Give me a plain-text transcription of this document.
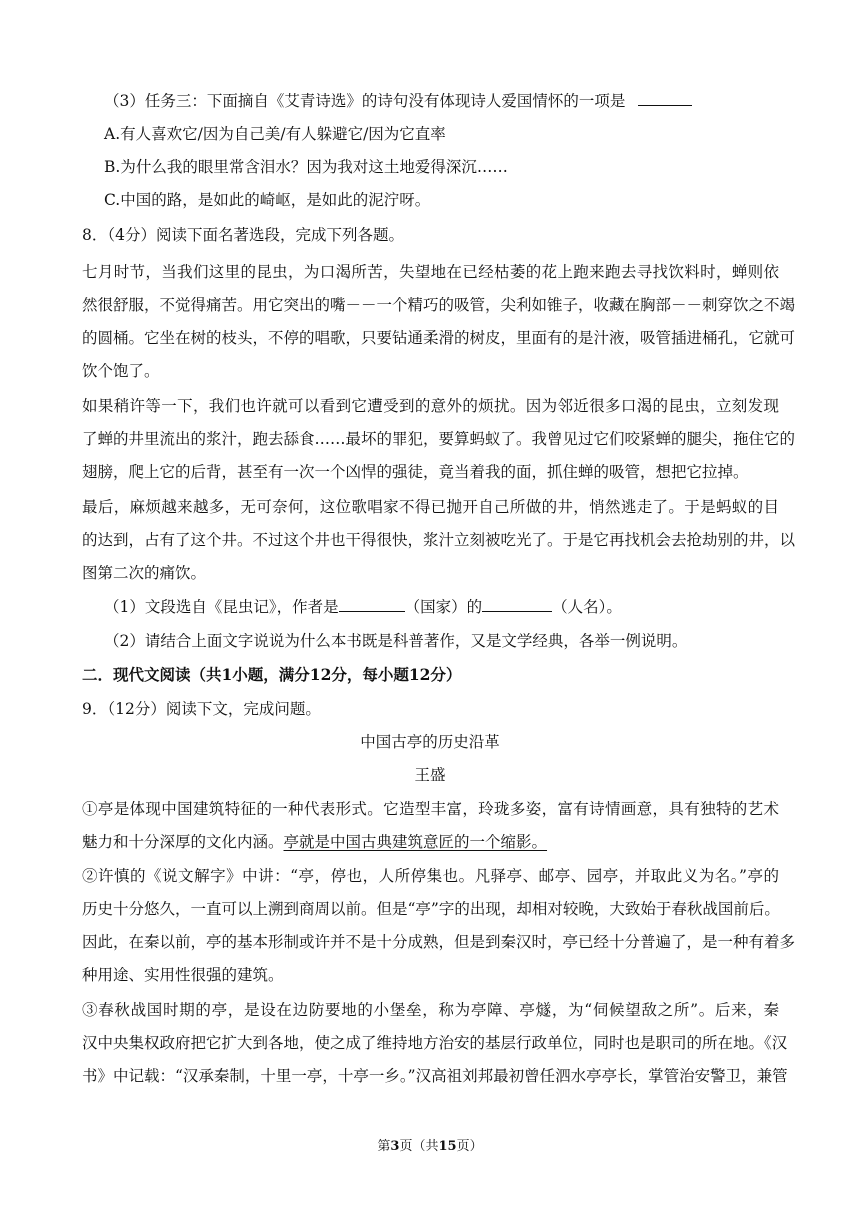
（3）任务三：下面摘自《艾青诗选》的诗句没有体现诗人爱国情怀的一项是
A.有人喜欢它/因为自己美/有人躲避它/因为它直率
B.为什么我的眼里常含泪水？因为我对这土地爱得深沉……
C.中国的路，是如此的崎岖，是如此的泥泞呀。
8．（4分）阅读下面名著选段，完成下列各题。
七月时节，当我们这里的昆虫，为口渴所苦，失望地在已经枯萎的花上跑来跑去寻找饮料时，蝉则依
然很舒服，不觉得痛苦。用它突出的嘴－－一个精巧的吸管，尖利如锥子，收藏在胸部－－刺穿饮之不竭
的圆桶。它坐在树的枝头，不停的唱歌，只要钻通柔滑的树皮，里面有的是汁液，吸管插进桶孔，它就可
饮个饱了。
如果稍许等一下，我们也许就可以看到它遭受到的意外的烦扰。因为邻近很多口渴的昆虫，立刻发现
了蝉的井里流出的浆汁，跑去舔食……最坏的罪犯，要算蚂蚁了。我曾见过它们咬紧蝉的腿尖，拖住它的
翅膀，爬上它的后背，甚至有一次一个凶悍的强徒，竟当着我的面，抓住蝉的吸管，想把它拉掉。
最后，麻烦越来越多，无可奈何，这位歌唱家不得已抛开自己所做的井，悄然逃走了。于是蚂蚁的目
的达到，占有了这个井。不过这个井也干得很快，浆汁立刻被吃光了。于是它再找机会去抢劫别的井，以
图第二次的痛饮。
（1）文段选自《昆虫记》，作者是	（国家）的	（人名）。
（2）请结合上面文字说说为什么本书既是科普著作，又是文学经典，各举一例说明。
二．现代文阅读（共1小题，满分12分，每小题12分）
9．（12分）阅读下文，完成问题。
中国古亭的历史沿革
王盛
①亭是体现中国建筑特征的一种代表形式。它造型丰富，玲珑多姿，富有诗情画意，具有独特的艺术
魅力和十分深厚的文化内涵。亭就是中国古典建筑意匠的一个缩影。
②许慎的《说文解字》中讲：“亭，停也，人所停集也。凡驿亭、邮亭、园亭，并取此义为名。”亭的
历史十分悠久，一直可以上溯到商周以前。但是“亭”字的出现，却相对较晚，大致始于春秋战国前后。
因此，在秦以前，亭的基本形制或许并不是十分成熟，但是到秦汉时，亭已经十分普遍了，是一种有着多
种用途、实用性很强的建筑。
③春秋战国时期的亭，是设在边防要地的小堡垒，称为亭障、亭燧，为“伺候望敌之所”。后来，秦
汉中央集权政府把它扩大到各地，使之成了维持地方治安的基层行政单位，同时也是职司的所在地。《汉
书》中记载：“汉承秦制，十里一亭，十亭一乡。”汉高祖刘邦最初曾任泗水亭亭长，掌管治安警卫，兼管
第3页（共15页）
